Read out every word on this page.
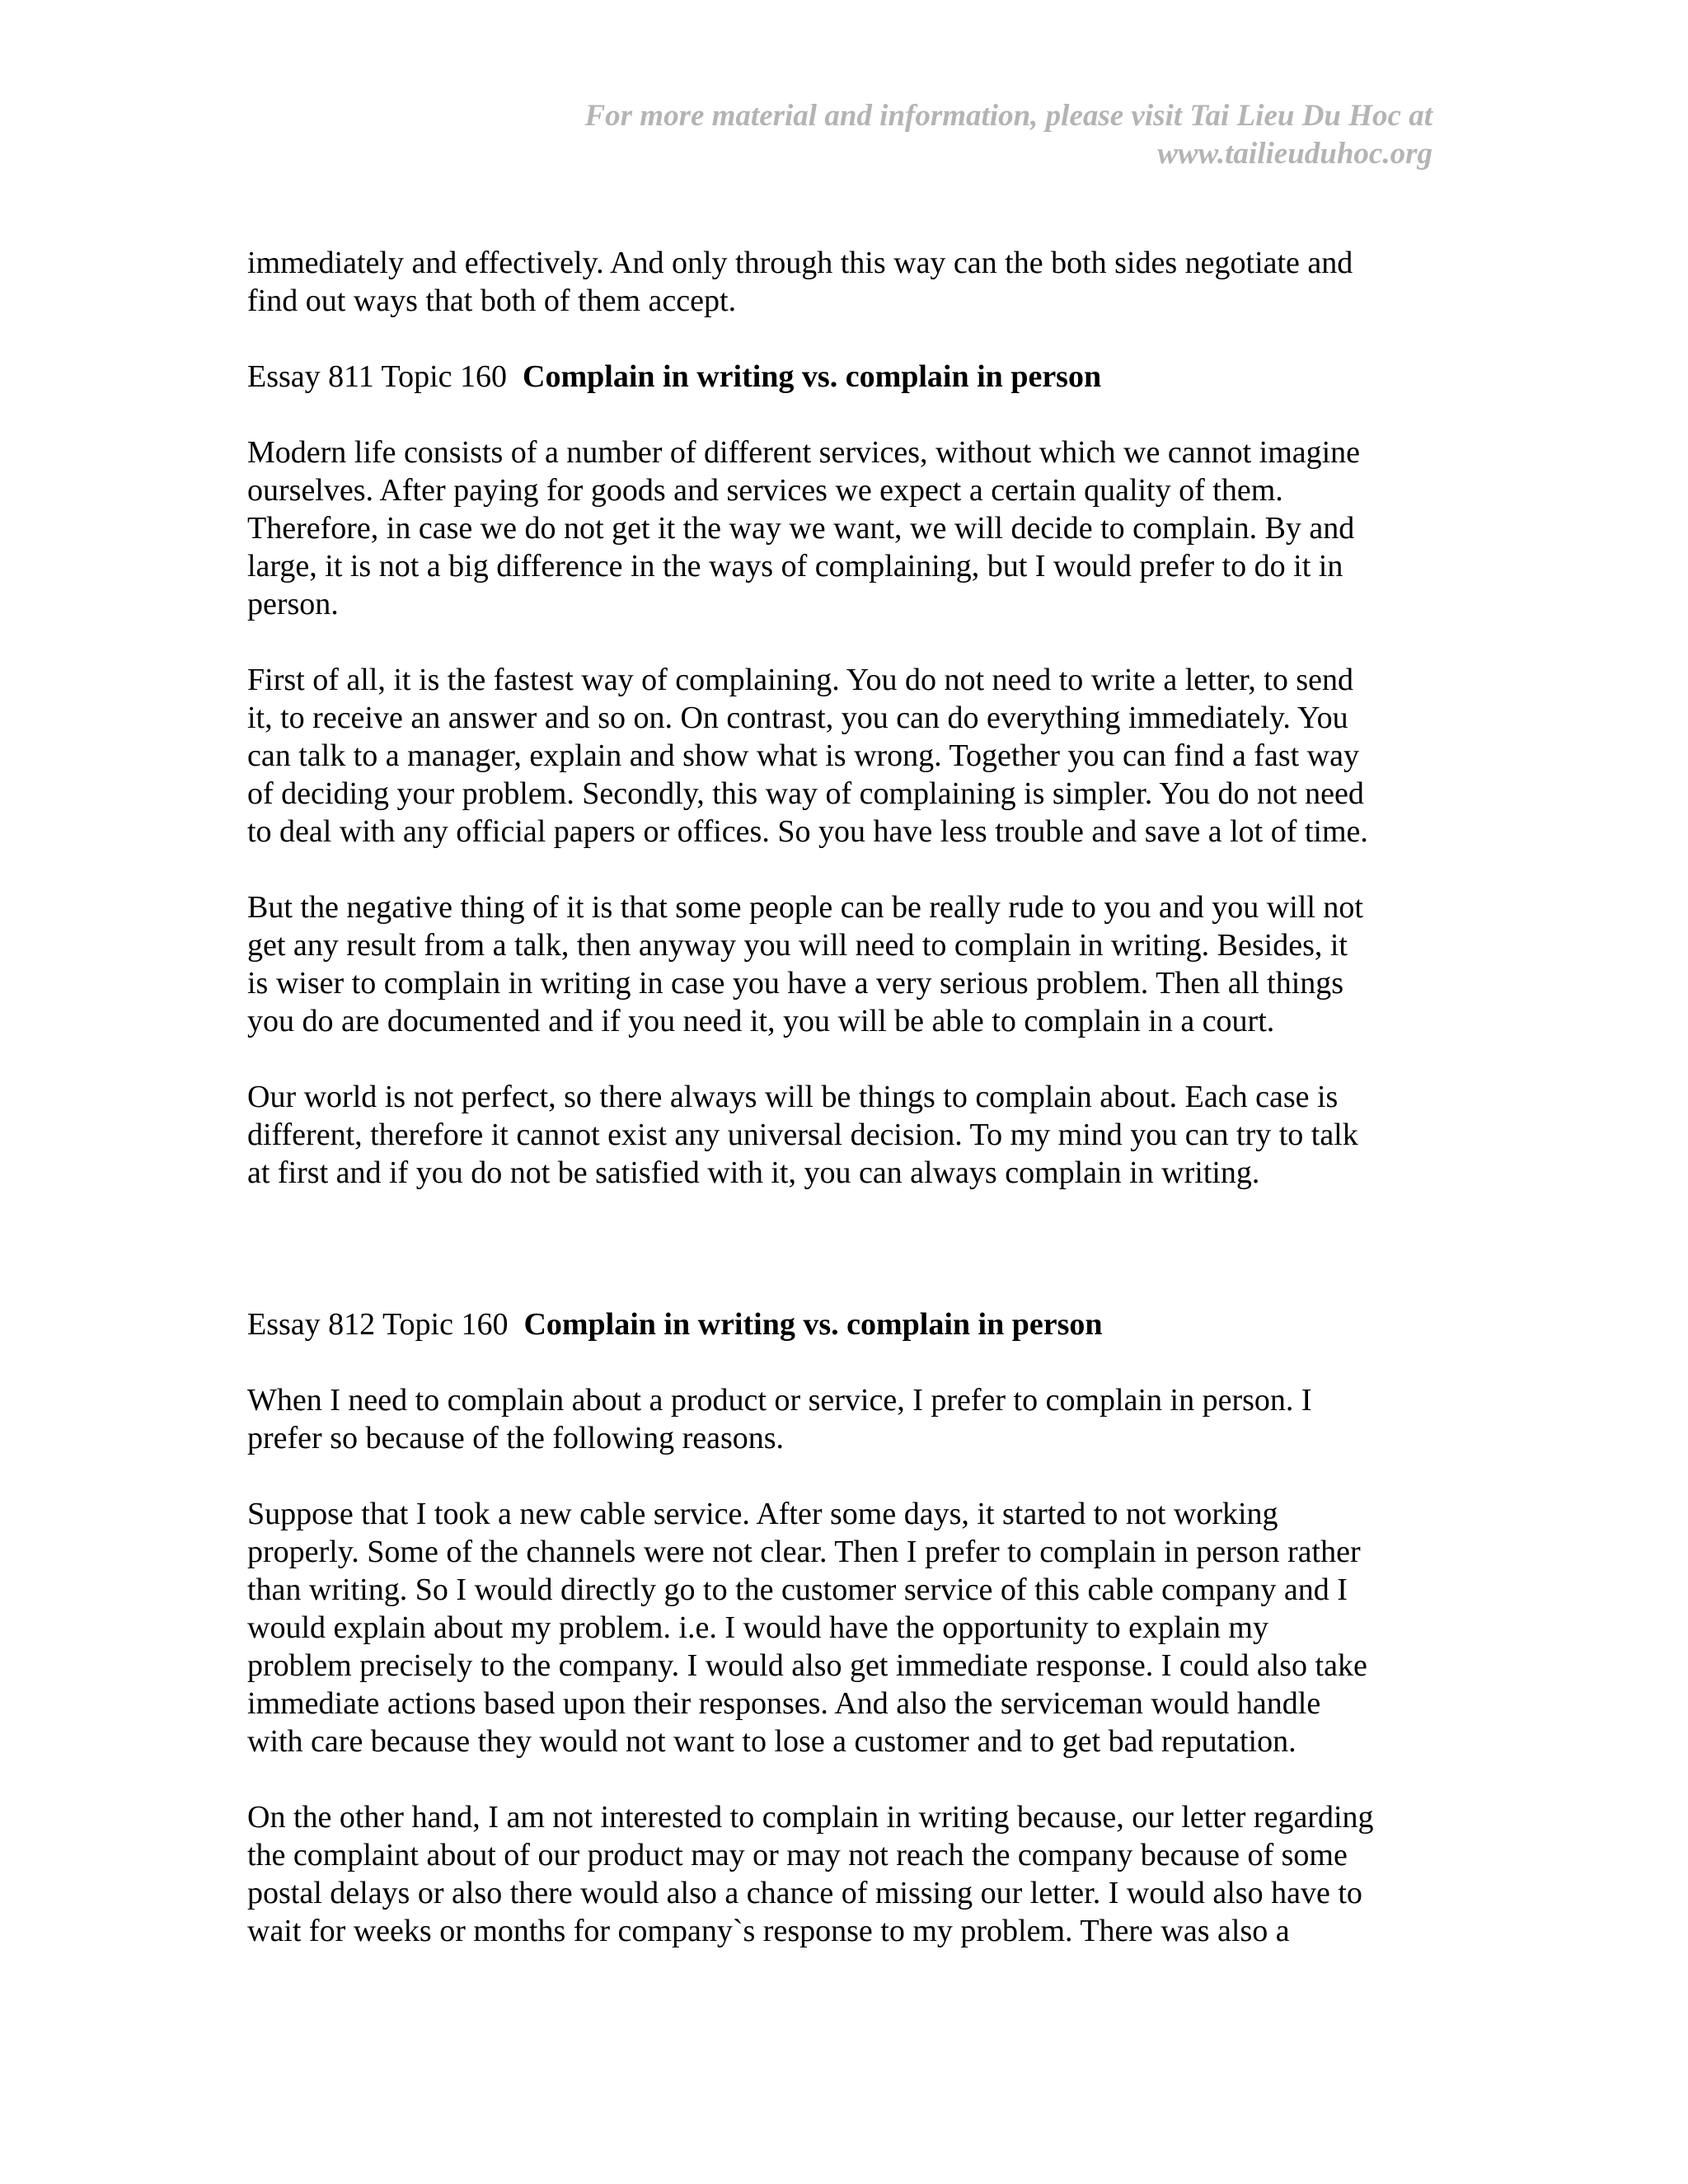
For more material and information, please visit Tai Lieu Du Hoc at
www.tailieuduhoc.org
immediately and effectively. And only through this way can the both sides negotiate and
find out ways that both of them accept.
Essay 811 Topic 160  Complain in writing vs. complain in person
Modern life consists of a number of different services, without which we cannot imagine
ourselves. After paying for goods and services we expect a certain quality of them.
Therefore, in case we do not get it the way we want, we will decide to complain. By and
large, it is not a big difference in the ways of complaining, but I would prefer to do it in
person.
First of all, it is the fastest way of complaining. You do not need to write a letter, to send
it, to receive an answer and so on. On contrast, you can do everything immediately. You
can talk to a manager, explain and show what is wrong. Together you can find a fast way
of deciding your problem. Secondly, this way of complaining is simpler. You do not need
to deal with any official papers or offices. So you have less trouble and save a lot of time.
But the negative thing of it is that some people can be really rude to you and you will not
get any result from a talk, then anyway you will need to complain in writing. Besides, it
is wiser to complain in writing in case you have a very serious problem. Then all things
you do are documented and if you need it, you will be able to complain in a court.
Our world is not perfect, so there always will be things to complain about. Each case is
different, therefore it cannot exist any universal decision. To my mind you can try to talk
at first and if you do not be satisfied with it, you can always complain in writing.
Essay 812 Topic 160  Complain in writing vs. complain in person
When I need to complain about a product or service, I prefer to complain in person. I
prefer so because of the following reasons.
Suppose that I took a new cable service. After some days, it started to not working
properly. Some of the channels were not clear. Then I prefer to complain in person rather
than writing. So I would directly go to the customer service of this cable company and I
would explain about my problem. i.e. I would have the opportunity to explain my
problem precisely to the company. I would also get immediate response. I could also take
immediate actions based upon their responses. And also the serviceman would handle
with care because they would not want to lose a customer and to get bad reputation.
On the other hand, I am not interested to complain in writing because, our letter regarding
the complaint about of our product may or may not reach the company because of some
postal delays or also there would also a chance of missing our letter. I would also have to
wait for weeks or months for company`s response to my problem. There was also a
